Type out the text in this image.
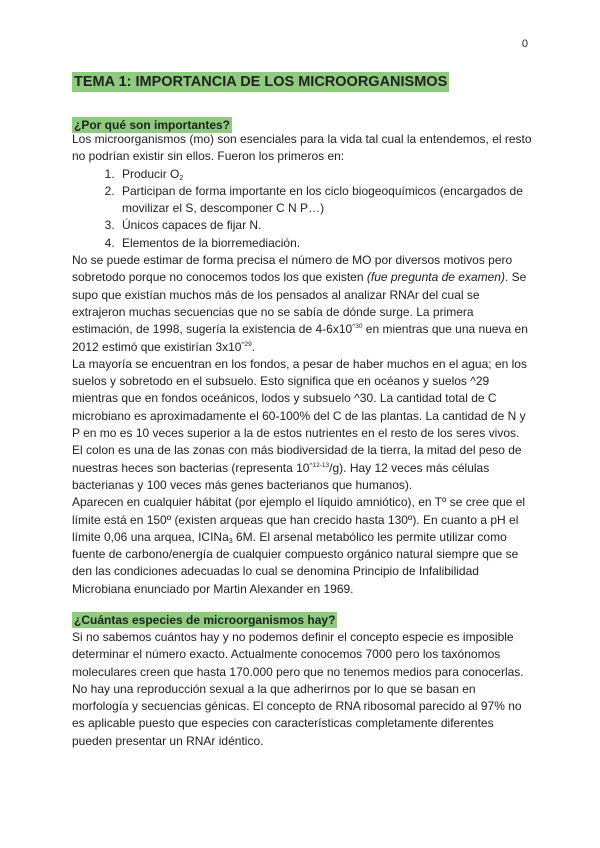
0
TEMA 1: IMPORTANCIA DE LOS MICROORGANISMOS
¿Por qué son importantes?

Los microorganismos (mo) son esenciales para la vida tal cual la entendemos, el resto no podrían existir sin ellos. Fueron los primeros en:

1. Producir $O_2$
2. Participan de forma importante en los ciclo biogeoquímicos (encargados de movilizar el S, descomponer C N P…)
3. Únicos capaces de fijar N.
4. Elementos de la biorremediación.

No se puede estimar de forma precisa el número de MO por diversos motivos pero sobretodo porque no conocemos todos los que existen (fue pregunta de examen). Se supo que existían muchos más de los pensados al analizar RNAr del cual se extrajeron muchas secuencias que no se sabía de dónde surge. La primera estimación, de 1998, sugería la existencia de $4-6x10^{\^{}30}$ en mientras que una nueva en 2012 estimó que existirían $3x10^{\^{}29}$.

La mayoría se encuentran en los fondos, a pesar de haber muchos en el agua; en los suelos y sobretodo en el subsuelo. Esto significa que en océanos y suelos ^29 mientras que en fondos oceánicos, lodos y subsuelo ^30. La cantidad total de C microbiano es aproximadamente el 60-100% del C de las plantas. La cantidad de N y P en mo es 10 veces superior a la de estos nutrientes en el resto de los seres vivos. El colon es una de las zonas con más biodiversidad de la tierra, la mitad del peso de nuestras heces son bacterias (representa $10^{\^{}12-13}/g$). Hay 12 veces más células bacterianas y 100 veces más genes bacterianos que humanos).

Aparecen en cualquier hábitat (por ejemplo el líquido amniótico), en Tº se cree que el límite está en 150º (existen arqueas que han crecido hasta 130º). En cuanto a pH el límite 0,06 una arquea, ICINa$_3$ 6M. El arsenal metabólico les permite utilizar como fuente de carbono/energía de cualquier compuesto orgánico natural siempre que se den las condiciones adecuadas lo cual se denomina Principio de Infalibilidad Microbiana enunciado por Martin Alexander en 1969.

¿Cuántas especies de microorganismos hay?

Si no sabemos cuántos hay y no podemos definir el concepto especie es imposible determinar el número exacto. Actualmente conocemos 7000 pero los taxónomos moleculares creen que hasta 170.000 pero que no tenemos medios para conocerlas. No hay una reproducción sexual a la que adherirnos por lo que se basan en morfología y secuencias génicas. El concepto de RNA ribosomal parecido al 97% no es aplicable puesto que especies con características completamente diferentes pueden presentar un RNAr idéntico.
